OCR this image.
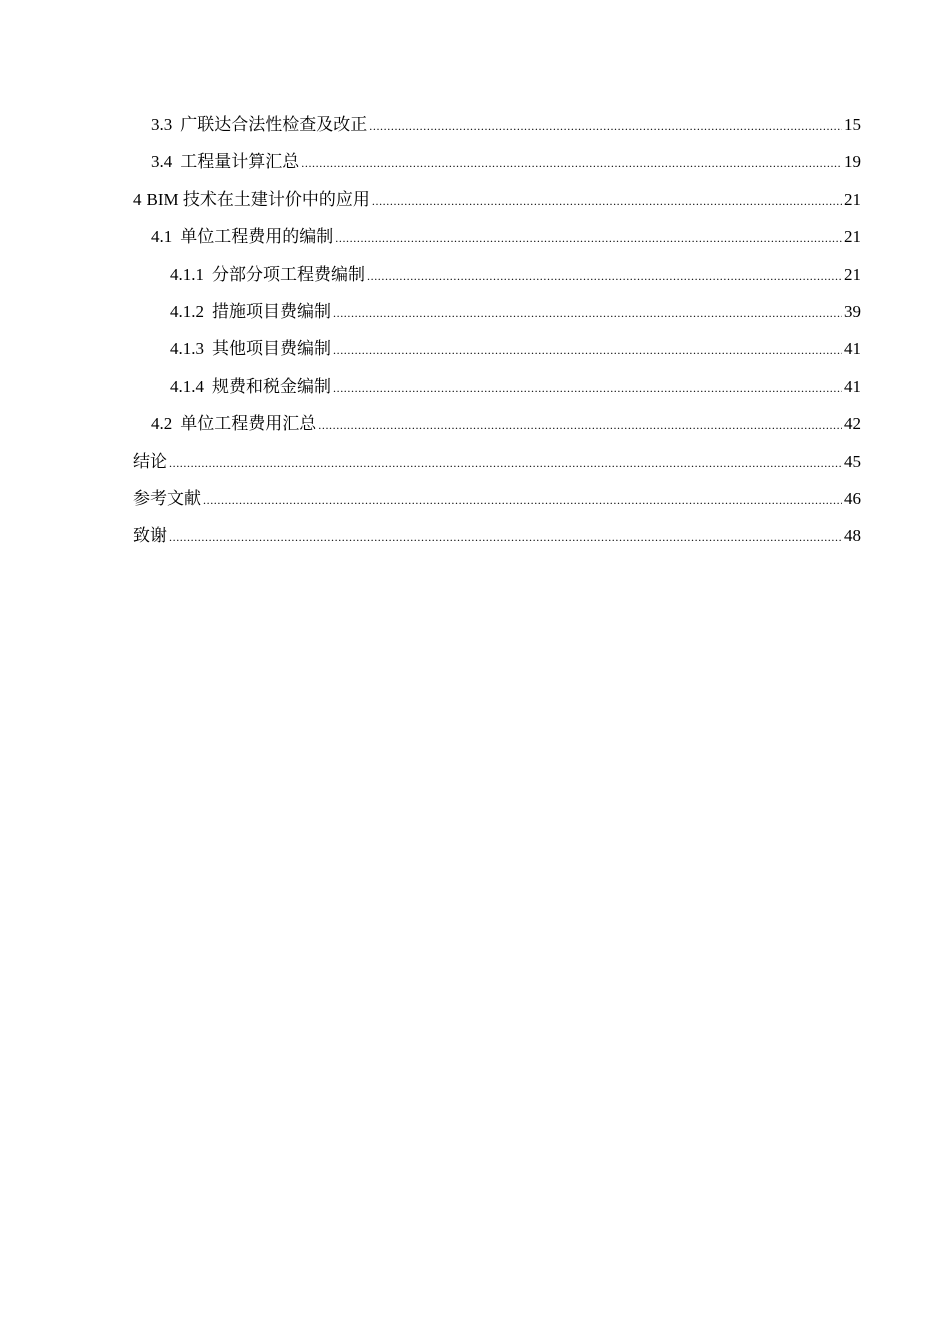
3.3 广联达合法性检查及改正 .....	15
3.4 工程量计算汇总 .....	19
4 BIM 技术在土建计价中的应用 .....	21
4.1 单位工程费用的编制 .....	21
4.1.1 分部分项工程费编制 .....	21
4.1.2 措施项目费编制 .....	39
4.1.3 其他项目费编制 .....	41
4.1.4 规费和税金编制 .....	41
4.2 单位工程费用汇总 .....	42
结论 .....	45
参考文献 .....	46
致谢 .....	48
